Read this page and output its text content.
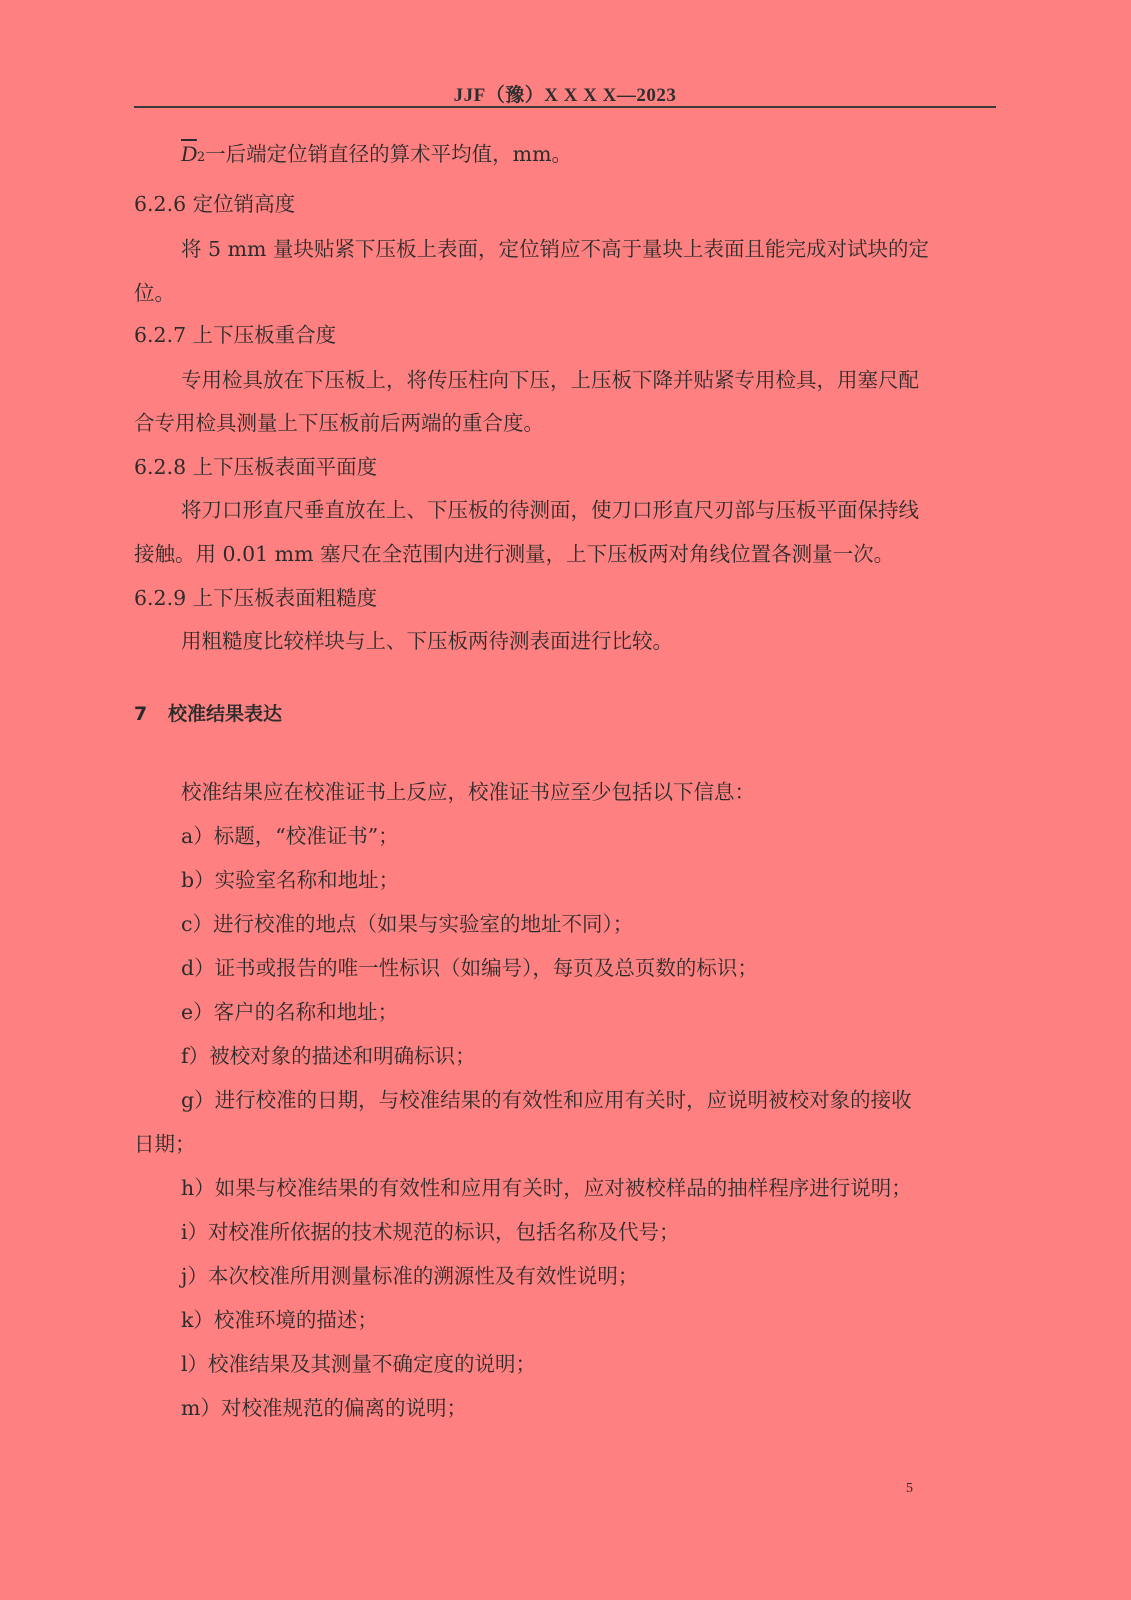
JJF（豫）X X X X—2023
$\overline{D}2$一后端定位销直径的算术平均值，mm。
6.2.6 定位销高度
将 5 mm 量块贴紧下压板上表面，定位销应不高于量块上表面且能完成对试块的定
位。
6.2.7 上下压板重合度
专用检具放在下压板上，将传压柱向下压，上压板下降并贴紧专用检具，用塞尺配
合专用检具测量上下压板前后两端的重合度。
6.2.8 上下压板表面平面度
将刀口形直尺垂直放在上、下压板的待测面，使刀口形直尺刃部与压板平面保持线
接触。用 0.01 mm 塞尺在全范围内进行测量，上下压板两对角线位置各测量一次。
6.2.9 上下压板表面粗糙度
用粗糙度比较样块与上、下压板两待测表面进行比较。
7 校准结果表达
校准结果应在校准证书上反应，校准证书应至少包括以下信息：
a）标题，“校准证书”；
b）实验室名称和地址；
c）进行校准的地点（如果与实验室的地址不同）；
d）证书或报告的唯一性标识（如编号），每页及总页数的标识；
e）客户的名称和地址；
f）被校对象的描述和明确标识；
g）进行校准的日期，与校准结果的有效性和应用有关时，应说明被校对象的接收
日期；
h）如果与校准结果的有效性和应用有关时，应对被校样品的抽样程序进行说明；
i）对校准所依据的技术规范的标识，包括名称及代号；
j）本次校准所用测量标准的溯源性及有效性说明；
k）校准环境的描述；
l）校准结果及其测量不确定度的说明；
m）对校准规范的偏离的说明；
5
